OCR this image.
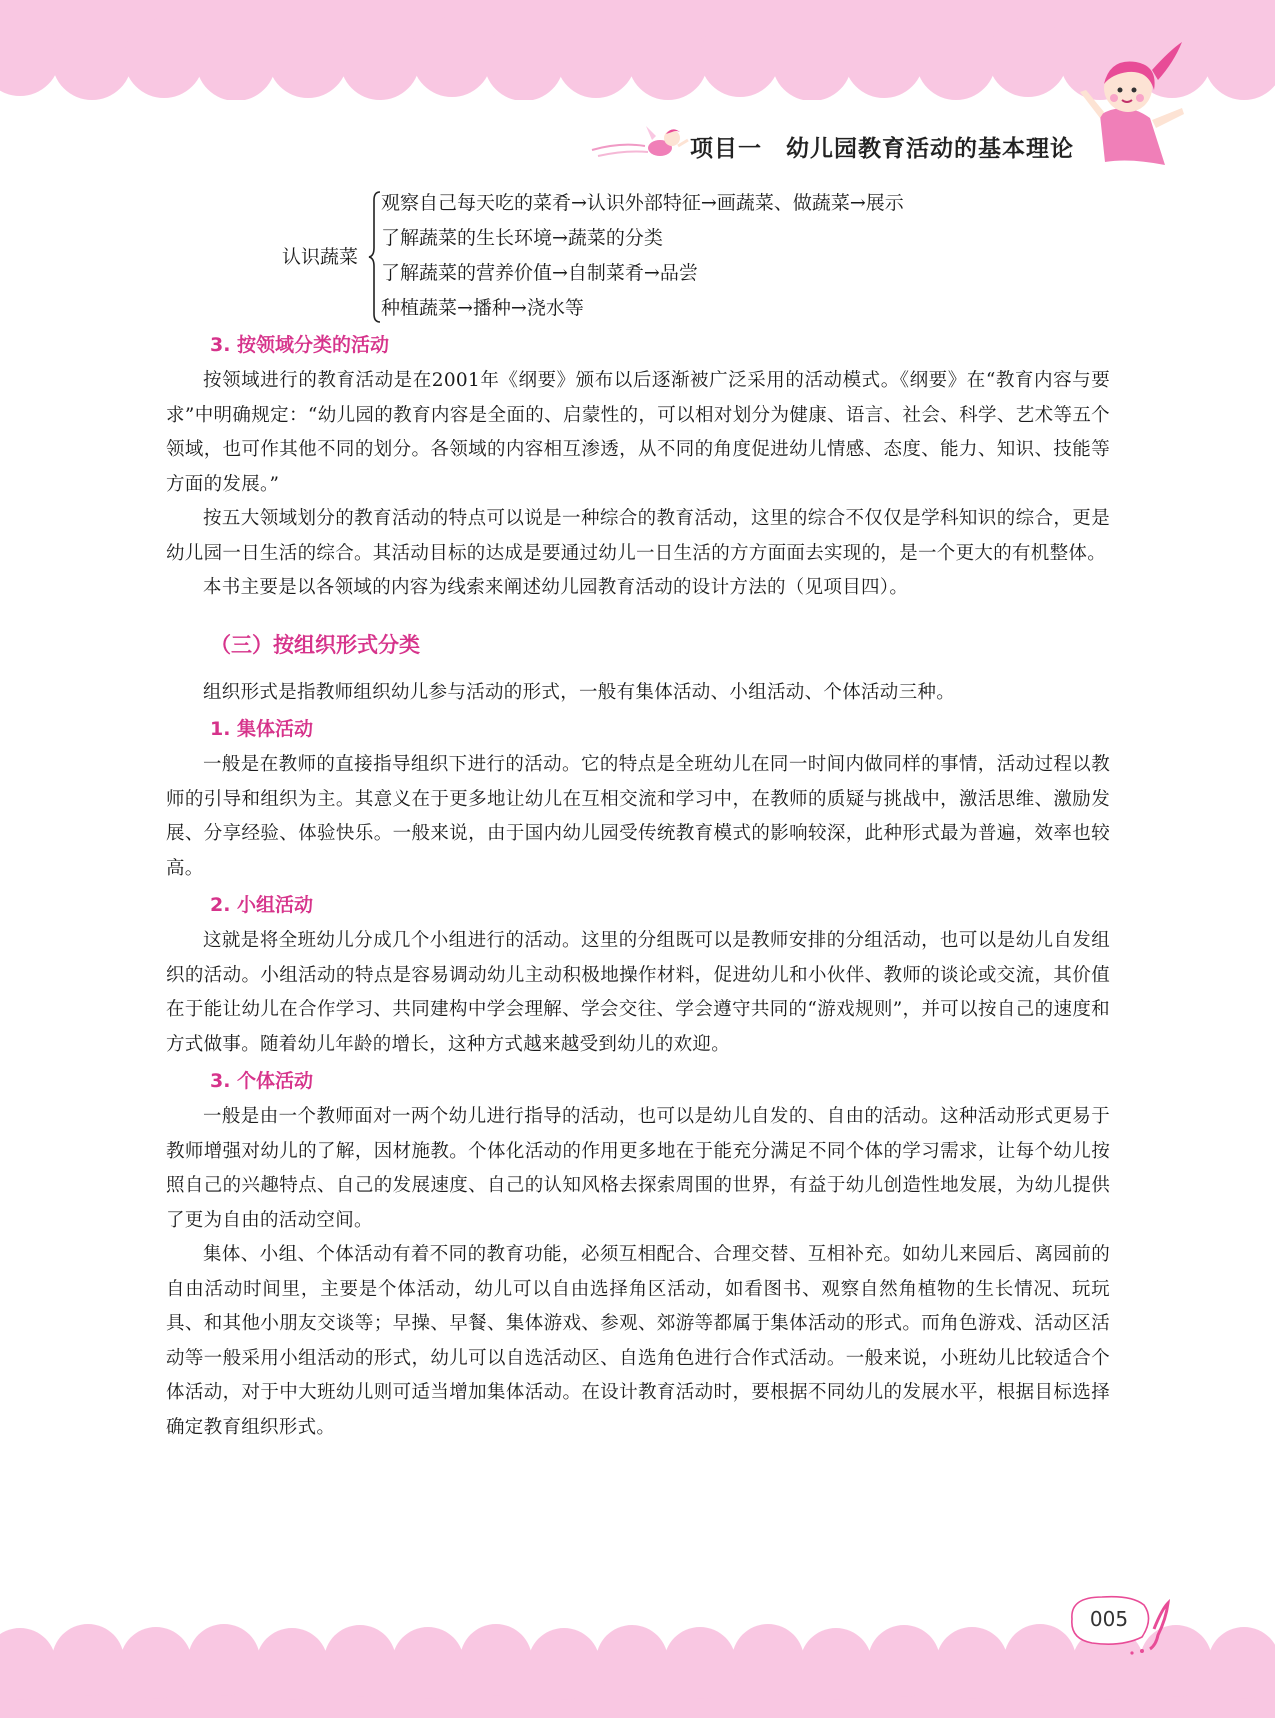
项目一　幼儿园教育活动的基本理论
认识蔬菜
观察自己每天吃的菜肴→认识外部特征→画蔬菜、做蔬菜→展示
了解蔬菜的生长环境→蔬菜的分类
了解蔬菜的营养价值→自制菜肴→品尝
种植蔬菜→播种→浇水等
3. 按领域分类的活动

按领域进行的教育活动是在2001年《纲要》颁布以后逐渐被广泛采用的活动模式。《纲要》在“教育内容与要求”中明确规定：“幼儿园的教育内容是全面的、启蒙性的，可以相对划分为健康、语言、社会、科学、艺术等五个领域，也可作其他不同的划分。各领域的内容相互渗透，从不同的角度促进幼儿情感、态度、能力、知识、技能等方面的发展。”

按五大领域划分的教育活动的特点可以说是一种综合的教育活动，这里的综合不仅仅是学科知识的综合，更是幼儿园一日生活的综合。其活动目标的达成是要通过幼儿一日生活的方方面面去实现的，是一个更大的有机整体。

本书主要是以各领域的内容为线索来阐述幼儿园教育活动的设计方法的（见项目四）。

（三）按组织形式分类

组织形式是指教师组织幼儿参与活动的形式，一般有集体活动、小组活动、个体活动三种。

1. 集体活动

一般是在教师的直接指导组织下进行的活动。它的特点是全班幼儿在同一时间内做同样的事情，活动过程以教师的引导和组织为主。其意义在于更多地让幼儿在互相交流和学习中，在教师的质疑与挑战中，激活思维、激励发展、分享经验、体验快乐。一般来说，由于国内幼儿园受传统教育模式的影响较深，此种形式最为普遍，效率也较高。

2. 小组活动

这就是将全班幼儿分成几个小组进行的活动。这里的分组既可以是教师安排的分组活动，也可以是幼儿自发组织的活动。小组活动的特点是容易调动幼儿主动积极地操作材料，促进幼儿和小伙伴、教师的谈论或交流，其价值在于能让幼儿在合作学习、共同建构中学会理解、学会交往、学会遵守共同的“游戏规则”，并可以按自己的速度和方式做事。随着幼儿年龄的增长，这种方式越来越受到幼儿的欢迎。

3. 个体活动

一般是由一个教师面对一两个幼儿进行指导的活动，也可以是幼儿自发的、自由的活动。这种活动形式更易于教师增强对幼儿的了解，因材施教。个体化活动的作用更多地在于能充分满足不同个体的学习需求，让每个幼儿按照自己的兴趣特点、自己的发展速度、自己的认知风格去探索周围的世界，有益于幼儿创造性地发展，为幼儿提供了更为自由的活动空间。

集体、小组、个体活动有着不同的教育功能，必须互相配合、合理交替、互相补充。如幼儿来园后、离园前的自由活动时间里，主要是个体活动，幼儿可以自由选择角区活动，如看图书、观察自然角植物的生长情况、玩玩具、和其他小朋友交谈等；早操、早餐、集体游戏、参观、郊游等都属于集体活动的形式。而角色游戏、活动区活动等一般采用小组活动的形式，幼儿可以自选活动区、自选角色进行合作式活动。一般来说，小班幼儿比较适合个体活动，对于中大班幼儿则可适当增加集体活动。在设计教育活动时，要根据不同幼儿的发展水平，根据目标选择确定教育组织形式。

005
